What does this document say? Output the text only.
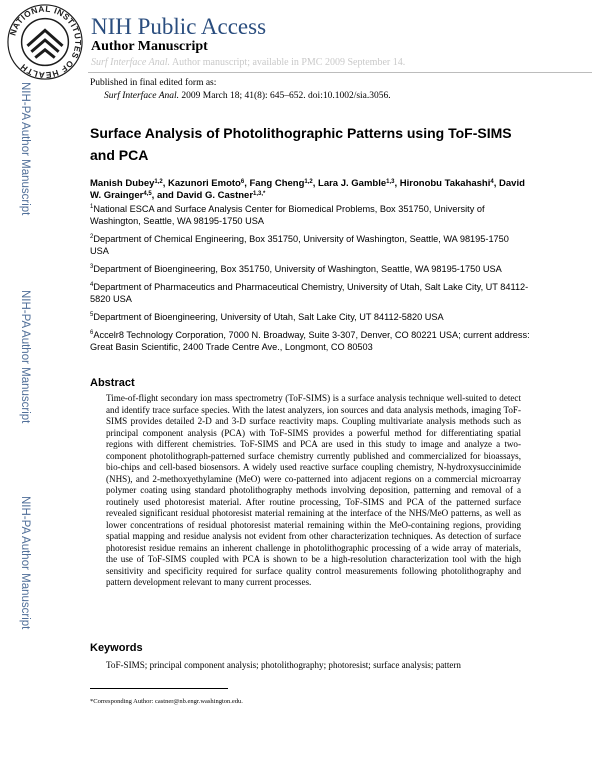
NATIONAL INSTITUTES OF HEALTH
NIH Public Access
Author Manuscript
Surf Interface Anal. Author manuscript; available in PMC 2009 September 14.
Published in final edited form as:
Surf Interface Anal. 2009 March 18; 41(8): 645–652. doi:10.1002/sia.3056.
NIH-PA Author Manuscript
NIH-PA Author Manuscript
NIH-PA Author Manuscript
Surface Analysis of Photolithographic Patterns using ToF-SIMS and PCA
Manish Dubey$^{1,2}$, Kazunori Emoto$^6$, Fang Cheng$^{1,2}$, Lara J. Gamble$^{1,3}$, Hironobu Takahashi$^4$, David W. Grainger$^{4,5}$, and David G. Castner$^{1,3,*}$
$^1$National ESCA and Surface Analysis Center for Biomedical Problems, Box 351750, University of Washington, Seattle, WA 98195-1750 USA
$^2$Department of Chemical Engineering, Box 351750, University of Washington, Seattle, WA 98195-1750 USA
$^3$Department of Bioengineering, Box 351750, University of Washington, Seattle, WA 98195-1750 USA
$^4$Department of Pharmaceutics and Pharmaceutical Chemistry, University of Utah, Salt Lake City, UT 84112-5820 USA
$^5$Department of Bioengineering, University of Utah, Salt Lake City, UT 84112-5820 USA
$^6$Accelr8 Technology Corporation, 7000 N. Broadway, Suite 3-307, Denver, CO 80221 USA; current address: Great Basin Scientific, 2400 Trade Centre Ave., Longmont, CO 80503
Abstract
Time-of-flight secondary ion mass spectrometry (ToF-SIMS) is a surface analysis technique well-suited to detect and identify trace surface species. With the latest analyzers, ion sources and data analysis methods, imaging ToF-SIMS provides detailed 2-D and 3-D surface reactivity maps. Coupling multivariate analysis methods such as principal component analysis (PCA) with ToF-SIMS provides a powerful method for differentiating spatial regions with different chemistries. ToF-SIMS and PCA are used in this study to image and analyze a two-component photolithograph-patterned surface chemistry currently published and commercialized for bioassays, bio-chips and cell-based biosensors. A widely used reactive surface coupling chemistry, N-hydroxysuccinimide (NHS), and 2-methoxyethylamine (MeO) were co-patterned into adjacent regions on a commercial microarray polymer coating using standard photolithography methods involving deposition, patterning and removal of a routinely used photoresist material. After routine processing, ToF-SIMS and PCA of the patterned surface revealed significant residual photoresist material remaining at the interface of the NHS/MeO patterns, as well as lower concentrations of residual photoresist material remaining within the MeO-containing regions, providing spatial mapping and residue analysis not evident from other characterization techniques. As detection of surface photoresist residue remains an inherent challenge in photolithographic processing of a wide array of materials, the use of ToF-SIMS coupled with PCA is shown to be a high-resolution characterization tool with the high sensitivity and specificity required for surface quality control measurements following photolithography and pattern development relevant to many current processes.
Keywords
ToF-SIMS; principal component analysis; photolithography; photoresist; surface analysis; pattern
*Corresponding Author: castner@nb.engr.washington.edu.
